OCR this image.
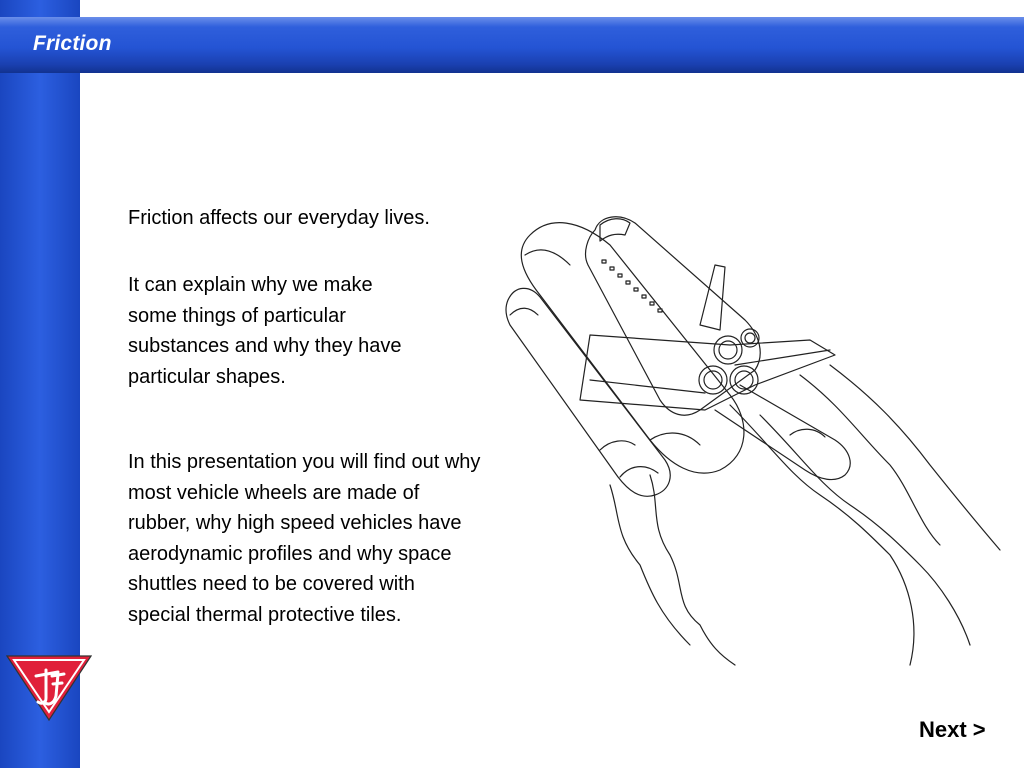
Friction
Friction affects our everyday lives.
It can explain why we make
some things of particular
substances and why they have
particular shapes.
In this presentation you will find out why
most vehicle wheels are made of
rubber, why high speed vehicles have
aerodynamic profiles and why space
shuttles need to be covered with
special thermal protective tiles.
Next >
